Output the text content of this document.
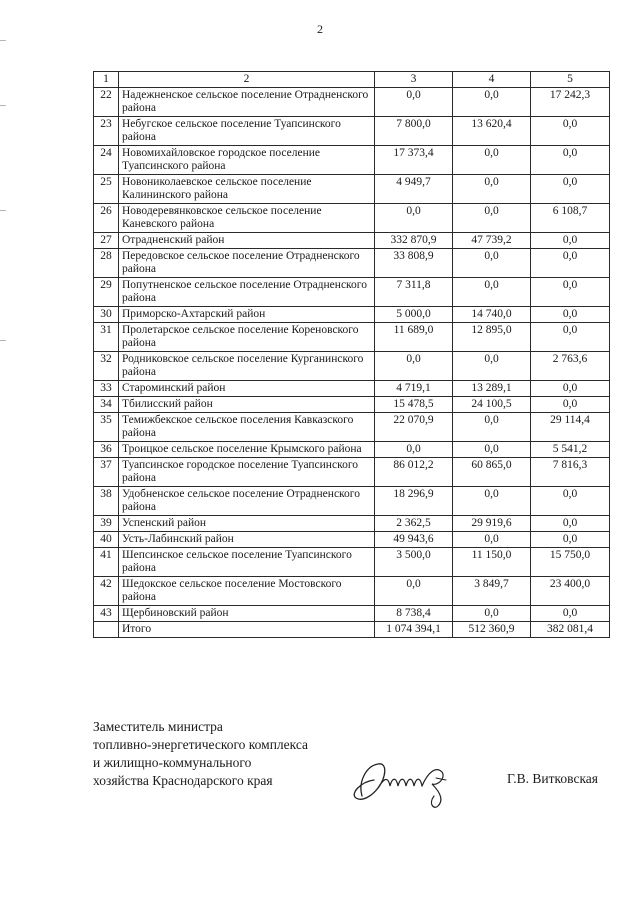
2
1	2	3	4	5
22	Надежненское сельское поселение Отрадненского района	0,0	0,0	17 242,3
23	Небугское сельское поселение Туапсинского района	7 800,0	13 620,4	0,0
24	Новомихайловское городское поселение Туапсинского района	17 373,4	0,0	0,0
25	Новониколаевское сельское поселение Калининского района	4 949,7	0,0	0,0
26	Новодеревянковское сельское поселение Каневского района	0,0	0,0	6 108,7
27	Отрадненский район	332 870,9	47 739,2	0,0
28	Передовское сельское поселение Отрадненского района	33 808,9	0,0	0,0
29	Попутненское сельское поселение Отрадненского района	7 311,8	0,0	0,0
30	Приморско-Ахтарский район	5 000,0	14 740,0	0,0
31	Пролетарское сельское поселение Кореновского района	11 689,0	12 895,0	0,0
32	Родниковское сельское поселение Курганинского района	0,0	0,0	2 763,6
33	Староминский район	4 719,1	13 289,1	0,0
34	Тбилисский район	15 478,5	24 100,5	0,0
35	Темижбекское сельское поселения Кавказского района	22 070,9	0,0	29 114,4
36	Троицкое сельское поселение Крымского района	0,0	0,0	5 541,2
37	Туапсинское городское поселение Туапсинского района	86 012,2	60 865,0	7 816,3
38	Удобненское сельское поселение Отрадненского района	18 296,9	0,0	0,0
39	Успенский район	2 362,5	29 919,6	0,0
40	Усть-Лабинский район	49 943,6	0,0	0,0
41	Шепсинское сельское поселение Туапсинского района	3 500,0	11 150,0	15 750,0
42	Шедокское сельское поселение Мостовского района	0,0	3 849,7	23 400,0
43	Щербиновский район	8 738,4	0,0	0,0
	Итого	1 074 394,1	512 360,9	382 081,4
Заместитель министра
топливно-энергетического комплекса
и жилищно-коммунального
хозяйства Краснодарского края	Г.В. Витковская
